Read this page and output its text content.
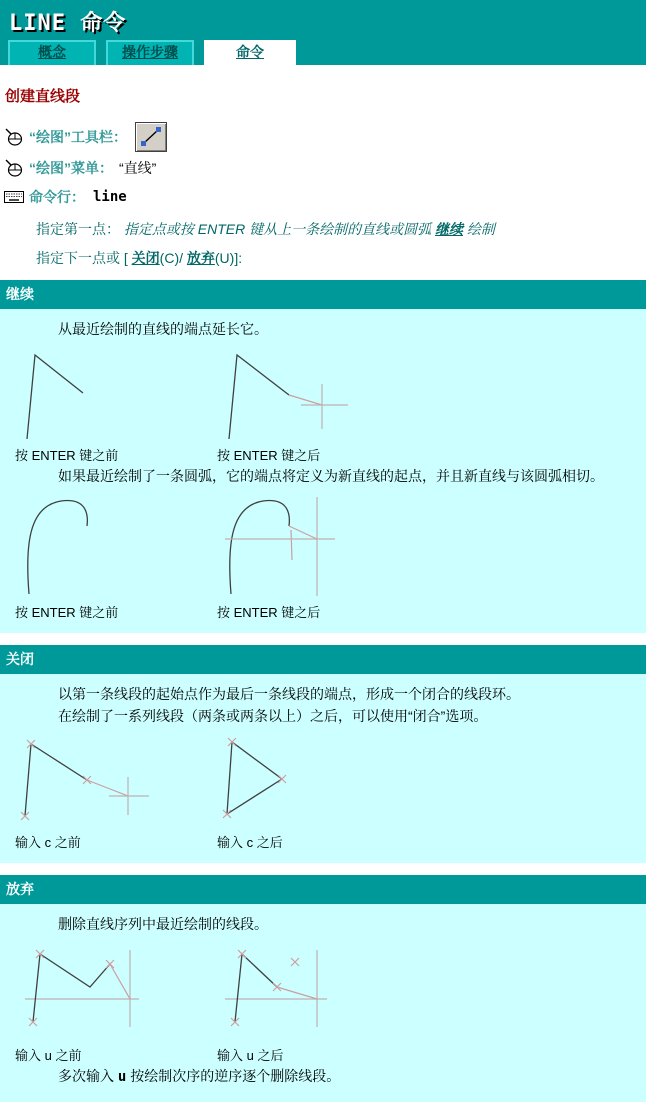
LINE 命令
概念	操作步骤	命令
创建直线段
“绘图”工具栏：
“绘图”菜单： “直线”
命令行： line
指定第一点： 指定点或按 ENTER 键从上一条绘制的直线或圆弧 继续 绘制
指定下一点或 [ 关闭(C)/ 放弃(U)]:
继续
从最近绘制的直线的端点延长它。
按 ENTER 键之前	按 ENTER 键之后
如果最近绘制了一条圆弧，它的端点将定义为新直线的起点，并且新直线与该圆弧相切。
按 ENTER 键之前	按 ENTER 键之后
关闭
以第一条线段的起始点作为最后一条线段的端点，形成一个闭合的线段环。
在绘制了一系列线段（两条或两条以上）之后，可以使用“闭合”选项。
输入 c 之前	输入 c 之后
放弃
删除直线序列中最近绘制的线段。
输入 u 之前	输入 u 之后
多次输入 u 按绘制次序的逆序逐个删除线段。
